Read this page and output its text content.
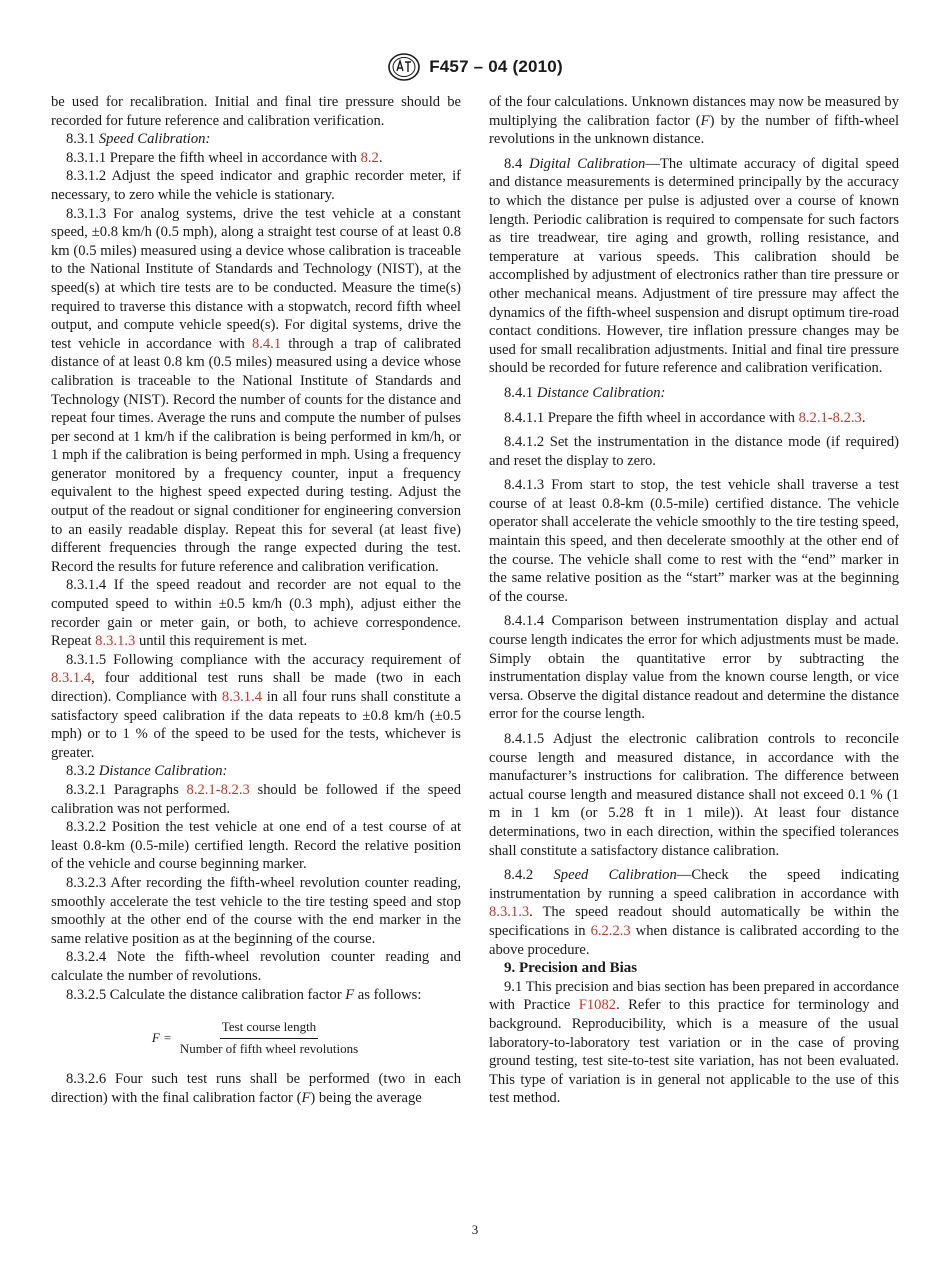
F457 – 04 (2010)

be used for recalibration. Initial and final tire pressure should be recorded for future reference and calibration verification.

8.3.1 Speed Calibration:

8.3.1.1 Prepare the fifth wheel in accordance with 8.2.

8.3.1.2 Adjust the speed indicator and graphic recorder meter, if necessary, to zero while the vehicle is stationary.

8.3.1.3 For analog systems, drive the test vehicle at a constant speed, ±0.8 km/h (0.5 mph), along a straight test course of at least 0.8 km (0.5 miles) measured using a device whose calibration is traceable to the National Institute of Standards and Technology (NIST), at the speed(s) at which tire tests are to be conducted. Measure the time(s) required to traverse this distance with a stopwatch, record fifth wheel output, and compute vehicle speed(s). For digital systems, drive the test vehicle in accordance with 8.4.1 through a trap of calibrated distance of at least 0.8 km (0.5 miles) measured using a device whose calibration is traceable to the National Institute of Standards and Technology (NIST). Record the number of counts for the distance and repeat four times. Average the runs and compute the number of pulses per second at 1 km/h if the calibration is being performed in km/h, or 1 mph if the calibration is being performed in mph. Using a frequency generator monitored by a frequency counter, input a frequency equivalent to the highest speed expected during testing. Adjust the output of the readout or signal conditioner for engineering conversion to an easily readable display. Repeat this for several (at least five) different frequencies through the range expected during the test. Record the results for future reference and calibration verification.

8.3.1.4 If the speed readout and recorder are not equal to the computed speed to within ±0.5 km/h (0.3 mph), adjust either the recorder gain or meter gain, or both, to achieve correspondence. Repeat 8.3.1.3 until this requirement is met.

8.3.1.5 Following compliance with the accuracy requirement of 8.3.1.4, four additional test runs shall be made (two in each direction). Compliance with 8.3.1.4 in all four runs shall constitute a satisfactory speed calibration if the data repeats to ±0.8 km/h (±0.5 mph) or to 1 % of the speed to be used for the tests, whichever is greater.

8.3.2 Distance Calibration:

8.3.2.1 Paragraphs 8.2.1-8.2.3 should be followed if the speed calibration was not performed.

8.3.2.2 Position the test vehicle at one end of a test course of at least 0.8-km (0.5-mile) certified length. Record the relative position of the vehicle and course beginning marker.

8.3.2.3 After recording the fifth-wheel revolution counter reading, smoothly accelerate the test vehicle to the tire testing speed and stop smoothly at the other end of the course with the end marker in the same relative position as at the beginning of the course.

8.3.2.4 Note the fifth-wheel revolution counter reading and calculate the number of revolutions.

8.3.2.5 Calculate the distance calibration factor F as follows:

$F = \frac{\text{Test course length}}{\text{Number of fifth wheel revolutions}}$

8.3.2.6 Four such test runs shall be performed (two in each direction) with the final calibration factor (F) being the average

of the four calculations. Unknown distances may now be measured by multiplying the calibration factor (F) by the number of fifth-wheel revolutions in the unknown distance.

8.4 Digital Calibration—The ultimate accuracy of digital speed and distance measurements is determined principally by the accuracy to which the distance per pulse is adjusted over a course of known length. Periodic calibration is required to compensate for such factors as tire treadwear, tire aging and growth, rolling resistance, and temperature at various speeds. This calibration should be accomplished by adjustment of electronics rather than tire pressure or other mechanical means. Adjustment of tire pressure may affect the dynamics of the fifth-wheel suspension and disrupt optimum tire-road contact conditions. However, tire inflation pressure changes may be used for small recalibration adjustments. Initial and final tire pressure should be recorded for future reference and calibration verification.

8.4.1 Distance Calibration:

8.4.1.1 Prepare the fifth wheel in accordance with 8.2.1-8.2.3.

8.4.1.2 Set the instrumentation in the distance mode (if required) and reset the display to zero.

8.4.1.3 From start to stop, the test vehicle shall traverse a test course of at least 0.8-km (0.5-mile) certified distance. The vehicle operator shall accelerate the vehicle smoothly to the tire testing speed, maintain this speed, and then decelerate smoothly at the other end of the course. The vehicle shall come to rest with the “end” marker in the same relative position as the “start” marker was at the beginning of the course.

8.4.1.4 Comparison between instrumentation display and actual course length indicates the error for which adjustments must be made. Simply obtain the quantitative error by subtracting the instrumentation display value from the known course length, or vice versa. Observe the digital distance readout and determine the distance error for the course length.

8.4.1.5 Adjust the electronic calibration controls to reconcile course length and measured distance, in accordance with the manufacturer’s instructions for calibration. The difference between actual course length and measured distance shall not exceed 0.1 % (1 m in 1 km (or 5.28 ft in 1 mile)). At least four distance determinations, two in each direction, within the specified tolerances shall constitute a satisfactory distance calibration.

8.4.2 Speed Calibration—Check the speed indicating instrumentation by running a speed calibration in accordance with 8.3.1.3. The speed readout should automatically be within the specifications in 6.2.2.3 when distance is calibrated according to the above procedure.

9. Precision and Bias

9.1 This precision and bias section has been prepared in accordance with Practice F1082. Refer to this practice for terminology and background. Reproducibility, which is a measure of the usual laboratory-to-laboratory test variation or in the case of proving ground testing, test site-to-test site variation, has not been evaluated. This type of variation is in general not applicable to the use of this test method.

3
